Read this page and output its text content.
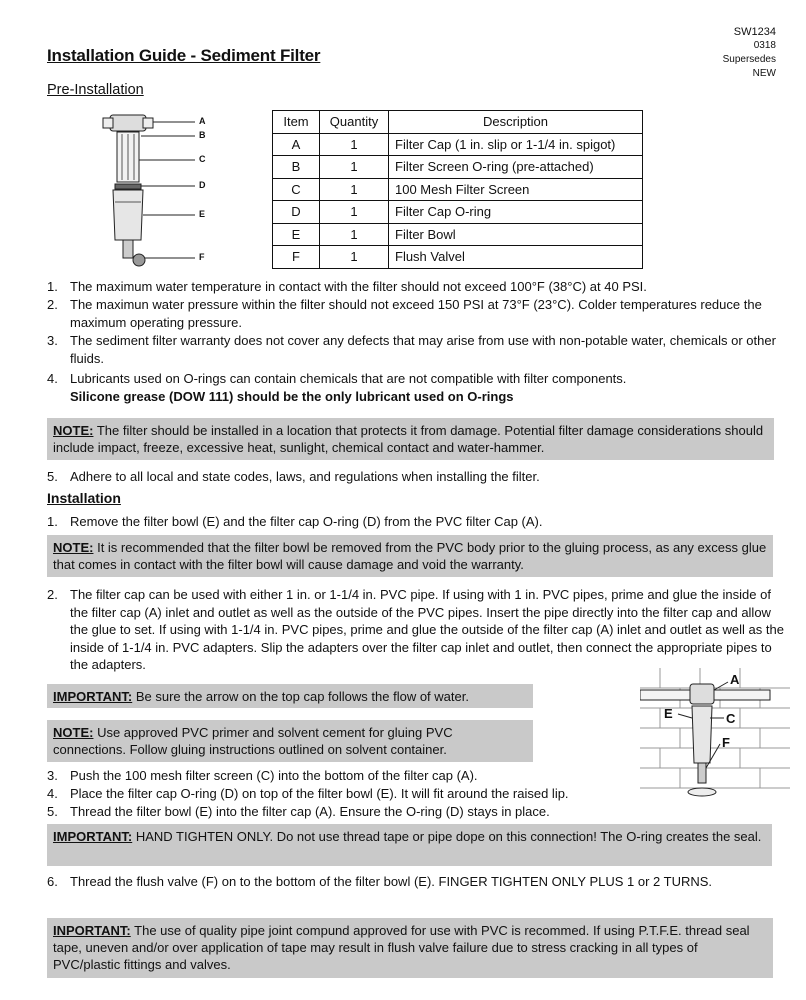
Installation Guide - Sediment Filter
SW1234
0318
Supersedes
NEW
Pre-Installation
A
B
C
D
E
F
Item	Quantity	Description
A	1	Filter Cap (1 in. slip or 1-1/4 in. spigot)
B	1	Filter Screen O-ring (pre-attached)
C	1	100 Mesh Filter Screen
D	1	Filter Cap O-ring
E	1	Filter Bowl
F	1	Flush Valvel
1. The maximum water temperature in contact with the filter should not exceed 100°F (38°C) at 40 PSI.
2. The maximun water pressure within the filter should not exceed 150 PSI at 73°F (23°C). Colder temperatures reduce the maximum operating pressure.
3. The sediment filter warranty does not cover any defects that may arise from use with non-potable water, chemicals or other fluids.
4. Lubricants used on O-rings can contain chemicals that are not compatible with filter components.
Silicone grease (DOW 111) should be the only lubricant used on O-rings
NOTE: The filter should be installed in a location that protects it from damage. Potential filter damage considerations should include impact, freeze, excessive heat, sunlight, chemical contact and water-hammer.
5. Adhere to all local and state codes, laws, and regulations when installing the filter.
Installation
1. Remove the filter bowl (E) and the filter cap O-ring (D) from the PVC filter Cap (A).
NOTE: It is recommended that the filter bowl be removed from the PVC body prior to the gluing process, as any excess glue that comes in contact with the filter bowl will cause damage and void the warranty.
2. The filter cap can be used with either 1 in. or 1-1/4 in. PVC pipe. If using with 1 in. PVC pipes, prime and glue the inside of the filter cap (A) inlet and outlet as well as the outside of the PVC pipes. Insert the pipe directly into the filter cap and allow the glue to set. If using with 1-1/4 in. PVC pipes, prime and glue the outside of the filter cap (A) inlet and outlet as well as the inside of 1-1/4 in. PVC adapters. Slip the adapters over the filter cap inlet and outlet, then connect the appropriate pipes to the adapters.
IMPORTANT: Be sure the arrow on the top cap follows the flow of water.
NOTE: Use approved PVC primer and solvent cement for gluing PVC connections. Follow gluing instructions outlined on solvent container.
A
C
E
F
3. Push the 100 mesh filter screen (C) into the bottom of the filter cap (A).
4. Place the filter cap O-ring (D) on top of the filter bowl (E). It will fit around the raised lip.
5. Thread the filter bowl (E) into the filter cap (A). Ensure the O-ring (D) stays in place.
IMPORTANT: HAND TIGHTEN ONLY. Do not use thread tape or pipe dope on this connection! The O-ring creates the seal.
6. Thread the flush valve (F) on to the bottom of the filter bowl (E). FINGER TIGHTEN ONLY PLUS 1 or 2 TURNS.
INPORTANT: The use of quality pipe joint compund approved for use with PVC is recommed. If using P.T.F.E. thread seal tape, uneven and/or over application of tape may result in flush valve failure due to stress cracking in all types of PVC/plastic fittings and valves.
